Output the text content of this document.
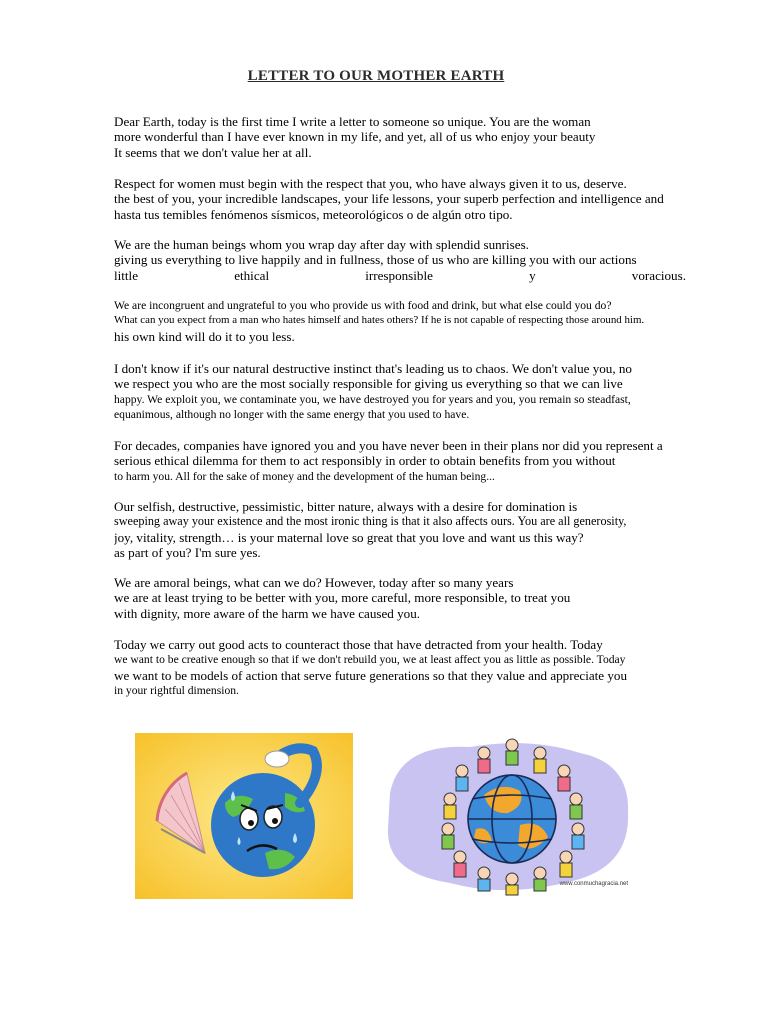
LETTER TO OUR MOTHER EARTH
Dear Earth, today is the first time I write a letter to someone so unique. You are the woman
more wonderful than I have ever known in my life, and yet, all of us who enjoy your beauty
It seems that we don't value her at all.
Respect for women must begin with the respect that you, who have always given it to us, deserve.
the best of you, your incredible landscapes, your life lessons, your superb perfection and intelligence and
hasta tus temibles fenómenos sísmicos, meteorológicos o de algún otro tipo.
We are the human beings whom you wrap day after day with splendid sunrises.
giving us everything to live happily and in fullness, those of us who are killing you with our actions
little	ethical	irresponsible	y	voracious.
We are incongruent and ungrateful to you who provide us with food and drink, but what else could you do?
What can you expect from a man who hates himself and hates others? If he is not capable of respecting those around him.
his own kind will do it to you less.
I don't know if it's our natural destructive instinct that's leading us to chaos. We don't value you, no
we respect you who are the most socially responsible for giving us everything so that we can live
happy. We exploit you, we contaminate you, we have destroyed you for years and you, you remain so steadfast,
equanimous, although no longer with the same energy that you used to have.
For decades, companies have ignored you and you have never been in their plans nor did you represent a
serious ethical dilemma for them to act responsibly in order to obtain benefits from you without
to harm you. All for the sake of money and the development of the human being...
Our selfish, destructive, pessimistic, bitter nature, always with a desire for domination is
sweeping away your existence and the most ironic thing is that it also affects ours. You are all generosity,
joy, vitality, strength… is your maternal love so great that you love and want us this way?
as part of you? I'm sure yes.
We are amoral beings, what can we do? However, today after so many years
we are at least trying to be better with you, more careful, more responsible, to treat you
with dignity, more aware of the harm we have caused you.
Today we carry out good acts to counteract those that have detracted from your health. Today
we want to be creative enough so that if we don't rebuild you, we at least affect you as little as possible. Today
we want to be models of action that serve future generations so that they value and appreciate you
in your rightful dimension.
www.conmuchagracia.net
